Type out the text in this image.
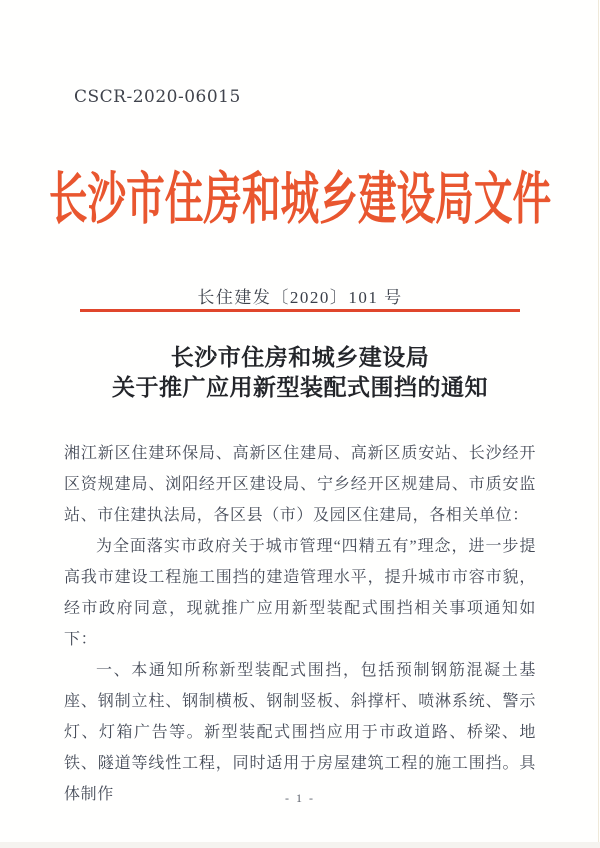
CSCR-2020-06015
长沙市住房和城乡建设局文件
长住建发〔2020〕101 号
长沙市住房和城乡建设局
关于推广应用新型装配式围挡的通知

湘江新区住建环保局、高新区住建局、高新区质安站、长沙经开区资规建局、浏阳经开区建设局、宁乡经开区规建局、市质安监站、市住建执法局，各区县（市）及园区住建局，各相关单位：

为全面落实市政府关于城市管理“四精五有”理念，进一步提高我市建设工程施工围挡的建造管理水平，提升城市市容市貌，经市政府同意，现就推广应用新型装配式围挡相关事项通知如下：

一、本通知所称新型装配式围挡，包括预制钢筋混凝土基座、钢制立柱、钢制横板、钢制竖板、斜撑杆、喷淋系统、警示灯、灯箱广告等。新型装配式围挡应用于市政道路、桥梁、地铁、隧道等线性工程，同时适用于房屋建筑工程的施工围挡。具体制作	- 1 -
